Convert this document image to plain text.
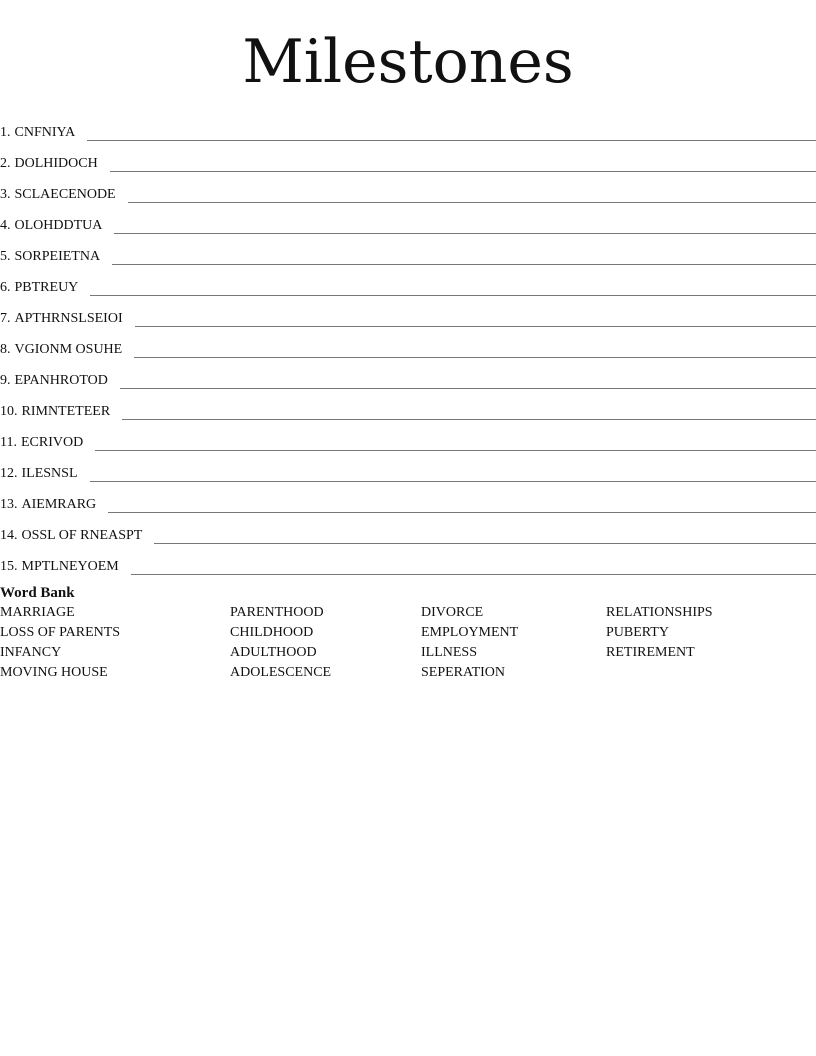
Milestones
1. CNFNIYA
2. DOLHIDOCH
3. SCLAECENODE
4. OLOHDDTUA
5. SORPEIETNA
6. PBTREUY
7. APTHRNSLSEIOI
8. VGIONM OSUHE
9. EPANHROTOD
10. RIMNTETEER
11. ECRIVOD
12. ILESNSL
13. AIEMRARG
14. OSSL OF RNEASPT
15. MPTLNEYOEM
Word Bank
MARRIAGE
LOSS OF PARENTS
INFANCY
MOVING HOUSE
PARENTHOOD
CHILDHOOD
ADULTHOOD
ADOLESCENCE
DIVORCE
EMPLOYMENT
ILLNESS
SEPERATION
RELATIONSHIPS
PUBERTY
RETIREMENT
